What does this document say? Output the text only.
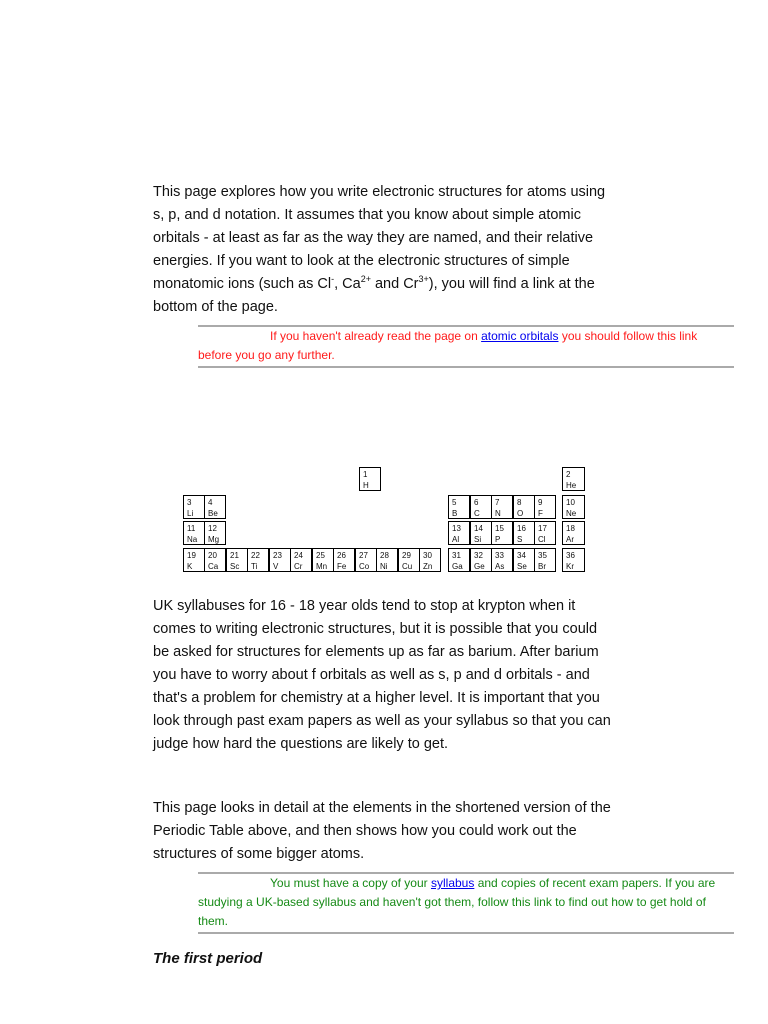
This page explores how you write electronic structures for atoms using s, p, and d notation. It assumes that you know about simple atomic orbitals - at least as far as the way they are named, and their relative energies. If you want to look at the electronic structures of simple monatomic ions (such as Cl-, $Ca^{2+}$ and $Cr^{3+}$), you will find a link at the bottom of the page.

If you haven't already read the page on atomic orbitals you should follow this link before you go any further.
1
H
2
He
3
Li
4
Be
5
B
6
C
7
N
8
O
9
F
10
Ne
11
Na
12
Mg
13
Al
14
Si
15
P
16
S
17
Cl
18
Ar
19
K
20
Ca
21
Sc
22
Ti
23
V
24
Cr
25
Mn
26
Fe
27
Co
28
Ni
29
Cu
30
Zn
31
Ga
32
Ge
33
As
34
Se
35
Br
36
Kr

UK syllabuses for 16 - 18 year olds tend to stop at krypton when it comes to writing electronic structures, but it is possible that you could be asked for structures for elements up as far as barium. After barium you have to worry about f orbitals as well as s, p and d orbitals - and that's a problem for chemistry at a higher level. It is important that you look through past exam papers as well as your syllabus so that you can judge how hard the questions are likely to get.

This page looks in detail at the elements in the shortened version of the Periodic Table above, and then shows how you could work out the structures of some bigger atoms.

You must have a copy of your syllabus and copies of recent exam papers. If you are studying a UK-based syllabus and haven't got them, follow this link to find out how to get hold of them.
The first period
